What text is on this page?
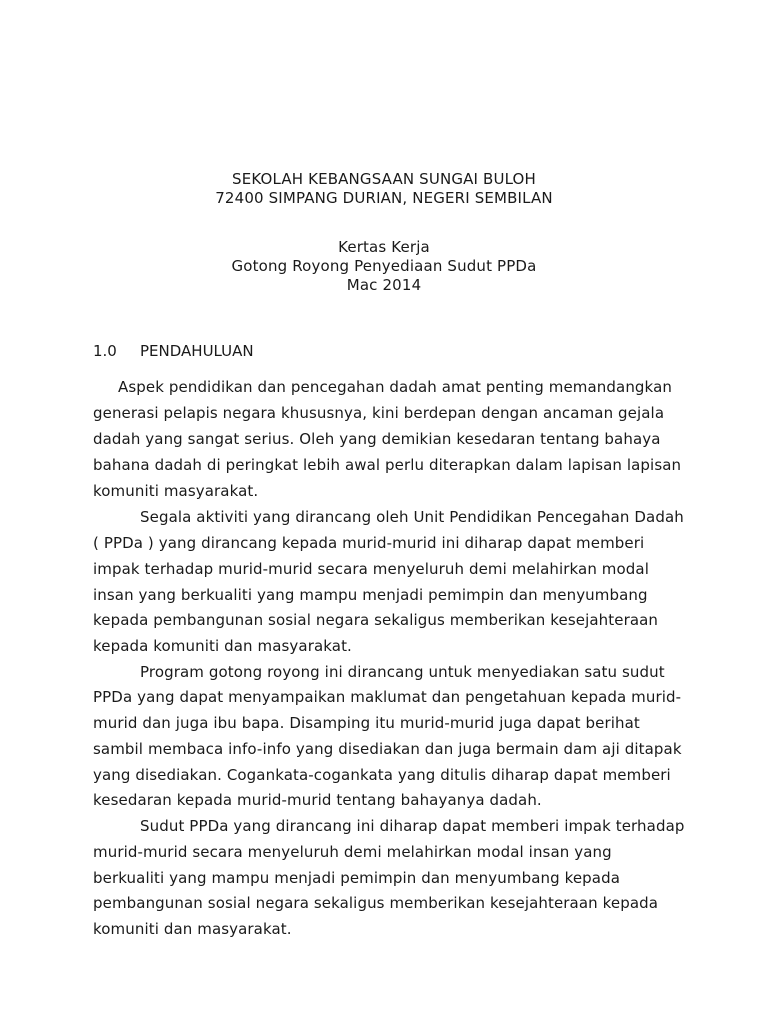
SEKOLAH KEBANGSAAN SUNGAI BULOH
72400 SIMPANG DURIAN, NEGERI SEMBILAN
Kertas Kerja
Gotong Royong Penyediaan Sudut PPDa
Mac 2014
1.0 PENDAHULUAN
Aspek pendidikan dan pencegahan dadah amat penting memandangkan
generasi pelapis negara khususnya, kini berdepan dengan ancaman gejala
dadah yang sangat serius. Oleh yang demikian kesedaran tentang bahaya
bahana dadah di peringkat lebih awal perlu diterapkan dalam lapisan lapisan
komuniti masyarakat.
Segala aktiviti yang dirancang oleh Unit Pendidikan Pencegahan Dadah
( PPDa ) yang dirancang kepada murid-murid ini diharap dapat memberi
impak terhadap murid-murid secara menyeluruh demi melahirkan modal
insan yang berkualiti yang mampu menjadi pemimpin dan menyumbang
kepada pembangunan sosial negara sekaligus memberikan kesejahteraan
kepada komuniti dan masyarakat.
Program gotong royong ini dirancang untuk menyediakan satu sudut
PPDa yang dapat menyampaikan maklumat dan pengetahuan kepada murid-
murid dan juga ibu bapa. Disamping itu murid-murid juga dapat berihat
sambil membaca info-info yang disediakan dan juga bermain dam aji ditapak
yang disediakan. Cogankata-cogankata yang ditulis diharap dapat memberi
kesedaran kepada murid-murid tentang bahayanya dadah.
Sudut PPDa yang dirancang ini diharap dapat memberi impak terhadap
murid-murid secara menyeluruh demi melahirkan modal insan yang
berkualiti yang mampu menjadi pemimpin dan menyumbang kepada
pembangunan sosial negara sekaligus memberikan kesejahteraan kepada
komuniti dan masyarakat.
